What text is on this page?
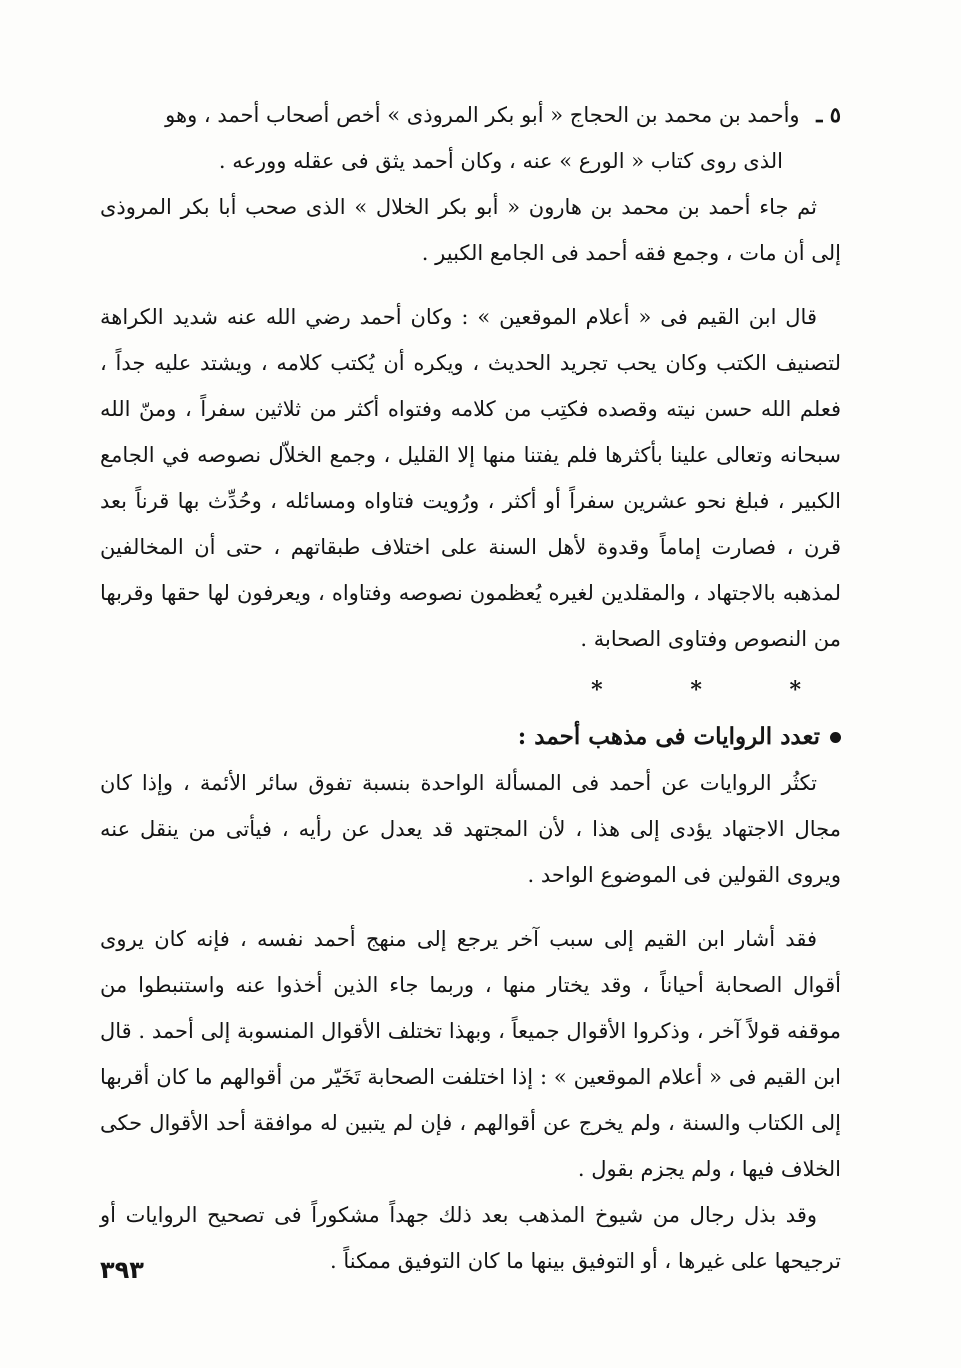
٥ ـ وأحمد بن محمد بن الحجاج « أبو بكر المروذى » أخص أصحاب أحمد ، وهو

الذى روى كتاب « الورع » عنه ، وكان أحمد يثق فى عقله وورعه .

ثم جاء أحمد بن محمد بن هارون « أبو بكر الخلال » الذى صحب أبا بكر المروذى إلى أن مات ، وجمع فقه أحمد فى الجامع الكبير .

قال ابن القيم فى « أعلام الموقعين » : وكان أحمد رضي الله عنه شديد الكراهة لتصنيف الكتب وكان يحب تجريد الحديث ، ويكره أن يُكتب كلامه ، ويشتد عليه جداً ، فعلم الله حسن نيته وقصده فكتِب من كلامه وفتواه أكثر من ثلاثين سفراً ، ومنّ الله سبحانه وتعالى علينا بأكثرها فلم يفتنا منها إلا القليل ، وجمع الخلاّل نصوصه في الجامع الكبير ، فبلغ نحو عشرين سفراً أو أكثر ، ورُويت فتاواه ومسائله ، وحُدِّث بها قرناً بعد قرن ، فصارت إماماً وقدوة لأهل السنة على اختلاف طبقاتهم ، حتى أن المخالفين لمذهبه بالاجتهاد ، والمقلدين لغيره يُعظمون نصوصه وفتاواه ، ويعرفون لها حقها وقربها من النصوص وفتاوى الصحابة .

* * *

تعدد الروايات فى مذهب أحمد :

تكثُر الروايات عن أحمد فى المسألة الواحدة بنسبة تفوق سائر الأئمة ، وإذا كان مجال الاجتهاد يؤدى إلى هذا ، لأن المجتهد قد يعدل عن رأيه ، فيأتى من ينقل عنه ويروى القولين فى الموضوع الواحد .

فقد أشار ابن القيم إلى سبب آخر يرجع إلى منهج أحمد نفسه ، فإنه كان يروى أقوال الصحابة أحياناً ، وقد يختار منها ، وربما جاء الذين أخذوا عنه واستنبطوا من موقفه قولاً آخر ، وذكروا الأقوال جميعاً ، وبهذا تختلف الأقوال المنسوبة إلى أحمد . قال ابن القيم فى « أعلام الموقعين » : إذا اختلفت الصحابة تَخَيّر من أقوالهم ما كان أقربها إلى الكتاب والسنة ، ولم يخرج عن أقوالهم ، فإن لم يتبين له موافقة أحد الأقوال حكى الخلاف فيها ، ولم يجزم بقول .

وقد بذل رجال من شيوخ المذهب بعد ذلك جهداً مشكوراً فى تصحيح الروايات أو ترجيحها على غيرها ، أو التوفيق بينها ما كان التوفيق ممكناً .

٣٩٣
